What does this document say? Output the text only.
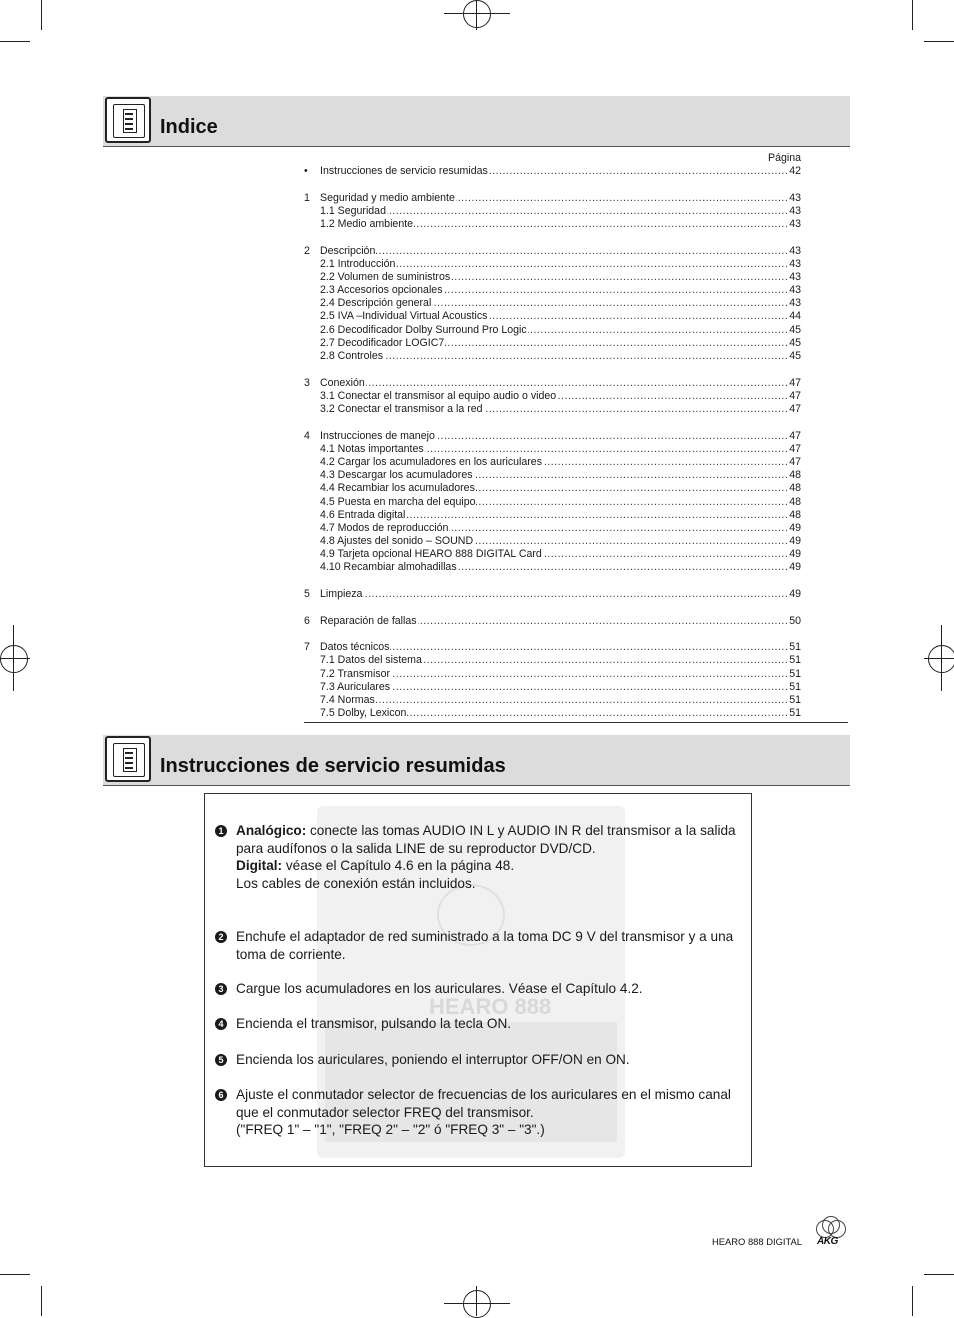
Indice
Página
•	Instrucciones de servicio resumidas .....	42
1 Seguridad y medio ambiente .....	43
1.1 Seguridad .....	43
1.2 Medio ambiente .....	43
2 Descripción .....	43
2.1 Introducción .....	43
2.2 Volumen de suministros .....	43
2.3 Accesorios opcionales .....	43
2.4 Descripción general .....	43
2.5 IVA –Individual Virtual Acoustics .....	44
2.6 Decodificador Dolby Surround Pro Logic .....	45
2.7 Decodificador LOGIC7 .....	45
2.8 Controles .....	45
3 Conexión .....	47
3.1 Conectar el transmisor al equipo audio o video .....	47
3.2 Conectar el transmisor a la red .....	47
4 Instrucciones de manejo .....	47
4.1 Notas importantes .....	47
4.2 Cargar los acumuladores en los auriculares .....	47
4.3 Descargar los acumuladores .....	48
4.4 Recambiar los acumuladores .....	48
4.5 Puesta en marcha del equipo .....	48
4.6 Entrada digital .....	48
4.7 Modos de reproducción .....	49
4.8 Ajustes del sonido – SOUND .....	49
4.9 Tarjeta opcional HEARO 888 DIGITAL Card .....	49
4.10 Recambiar almohadillas .....	49
5 Limpieza .....	49
6 Reparación de fallas .....	50
7 Datos técnicos .....	51
7.1 Datos del sistema .....	51
7.2 Transmisor .....	51
7.3 Auriculares .....	51
7.4 Normas .....	51
7.5 Dolby, Lexicon .....	51
Instrucciones de servicio resumidas
HEARO 888
1 Analógico: conecte las tomas AUDIO IN L y AUDIO IN R del transmisor a la salida para audífonos o la salida LINE de su reproductor DVD/CD.
Digital: véase el Capítulo 4.6 en la página 48.
Los cables de conexión están incluidos.
2 Enchufe el adaptador de red suministrado a la toma DC 9 V del transmisor y a una toma de corriente.
3 Cargue los acumuladores en los auriculares. Véase el Capítulo 4.2.
4 Encienda el transmisor, pulsando la tecla ON.
5 Encienda los auriculares, poniendo el interruptor OFF/ON en ON.
6 Ajuste el conmutador selector de frecuencias de los auriculares en el mismo canal que el conmutador selector FREQ del transmisor.
("FREQ 1" – "1", "FREQ 2" – "2" ó "FREQ 3" – "3".)
HEARO 888 DIGITAL AKG
